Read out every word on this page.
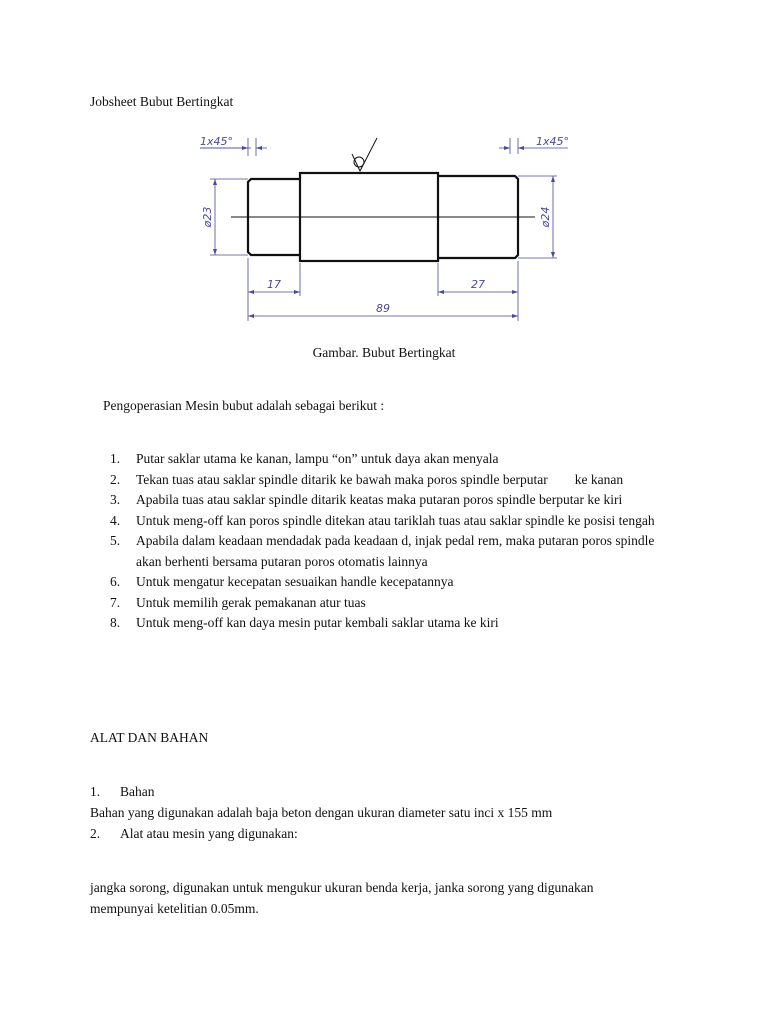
Jobsheet Bubut Bertingkat
1x45°	1x45°
ø23	ø24
17	27
89
Gambar. Bubut Bertingkat
Pengoperasian Mesin bubut adalah sebagai berikut :
1. Putar saklar utama ke kanan, lampu “on” untuk daya akan menyala
2. Tekan tuas atau saklar spindle ditarik ke bawah maka poros spindle berputar        ke kanan
3. Apabila tuas atau saklar spindle ditarik keatas maka putaran poros spindle berputar ke kiri
4. Untuk meng-off kan poros spindle ditekan atau tariklah tuas atau saklar spindle ke posisi tengah
5. Apabila dalam keadaan mendadak pada keadaan d, injak pedal rem, maka putaran poros spindle akan berhenti bersama putaran poros otomatis lainnya
6. Untuk mengatur kecepatan sesuaikan handle kecepatannya
7. Untuk memilih gerak pemakanan atur tuas
8. Untuk meng-off kan daya mesin putar kembali saklar utama ke kiri
ALAT DAN BAHAN
1. Bahan
Bahan yang digunakan adalah baja beton dengan ukuran diameter satu inci x 155 mm
2. Alat atau mesin yang digunakan:
jangka sorong, digunakan untuk mengukur ukuran benda kerja, janka sorong yang digunakan
mempunyai ketelitian 0.05mm.
